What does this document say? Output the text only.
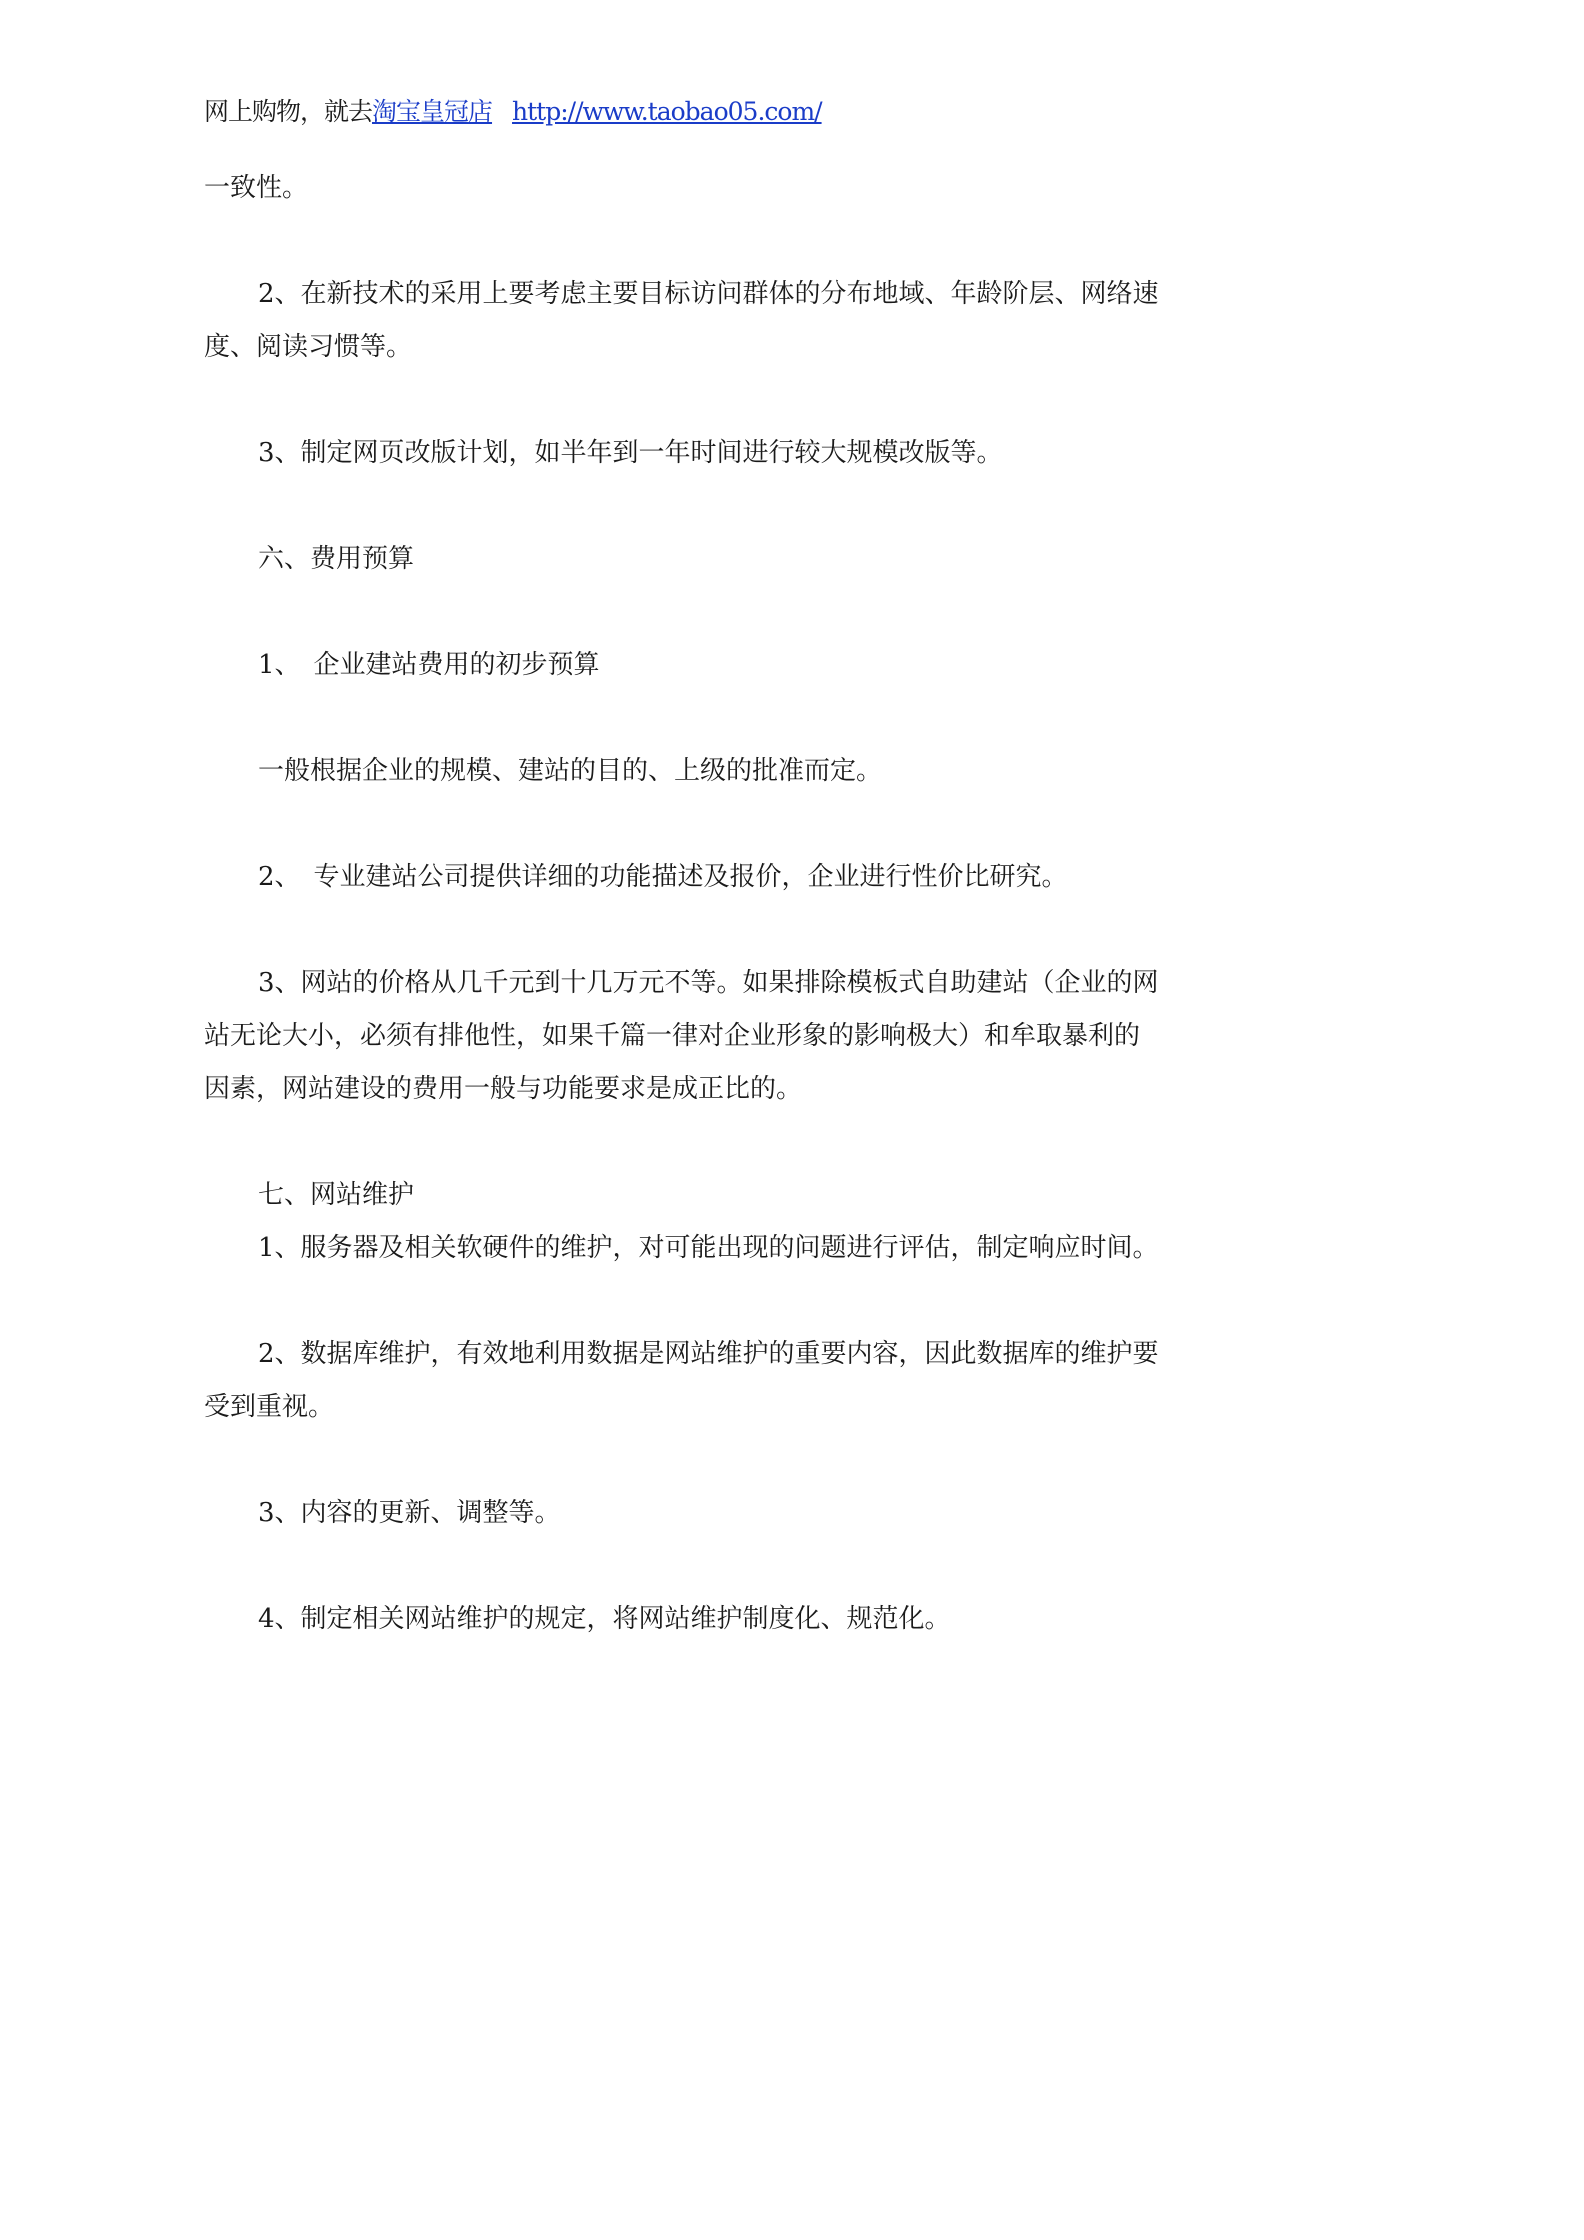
网上购物，就去淘宝皇冠店 http://www.taobao05.com/

一致性。

2、在新技术的采用上要考虑主要目标访问群体的分布地域、年龄阶层、网络速度、阅读习惯等。

3、制定网页改版计划，如半年到一年时间进行较大规模改版等。

六、费用预算

1、　企业建站费用的初步预算

一般根据企业的规模、建站的目的、上级的批准而定。

2、　专业建站公司提供详细的功能描述及报价，企业进行性价比研究。

3、网站的价格从几千元到十几万元不等。如果排除模板式自助建站（企业的网站无论大小，必须有排他性，如果千篇一律对企业形象的影响极大）和牟取暴利的因素，网站建设的费用一般与功能要求是成正比的。

七、网站维护

1、服务器及相关软硬件的维护，对可能出现的问题进行评估，制定响应时间。

2、数据库维护，有效地利用数据是网站维护的重要内容，因此数据库的维护要受到重视。

3、内容的更新、调整等。

4、制定相关网站维护的规定，将网站维护制度化、规范化。
